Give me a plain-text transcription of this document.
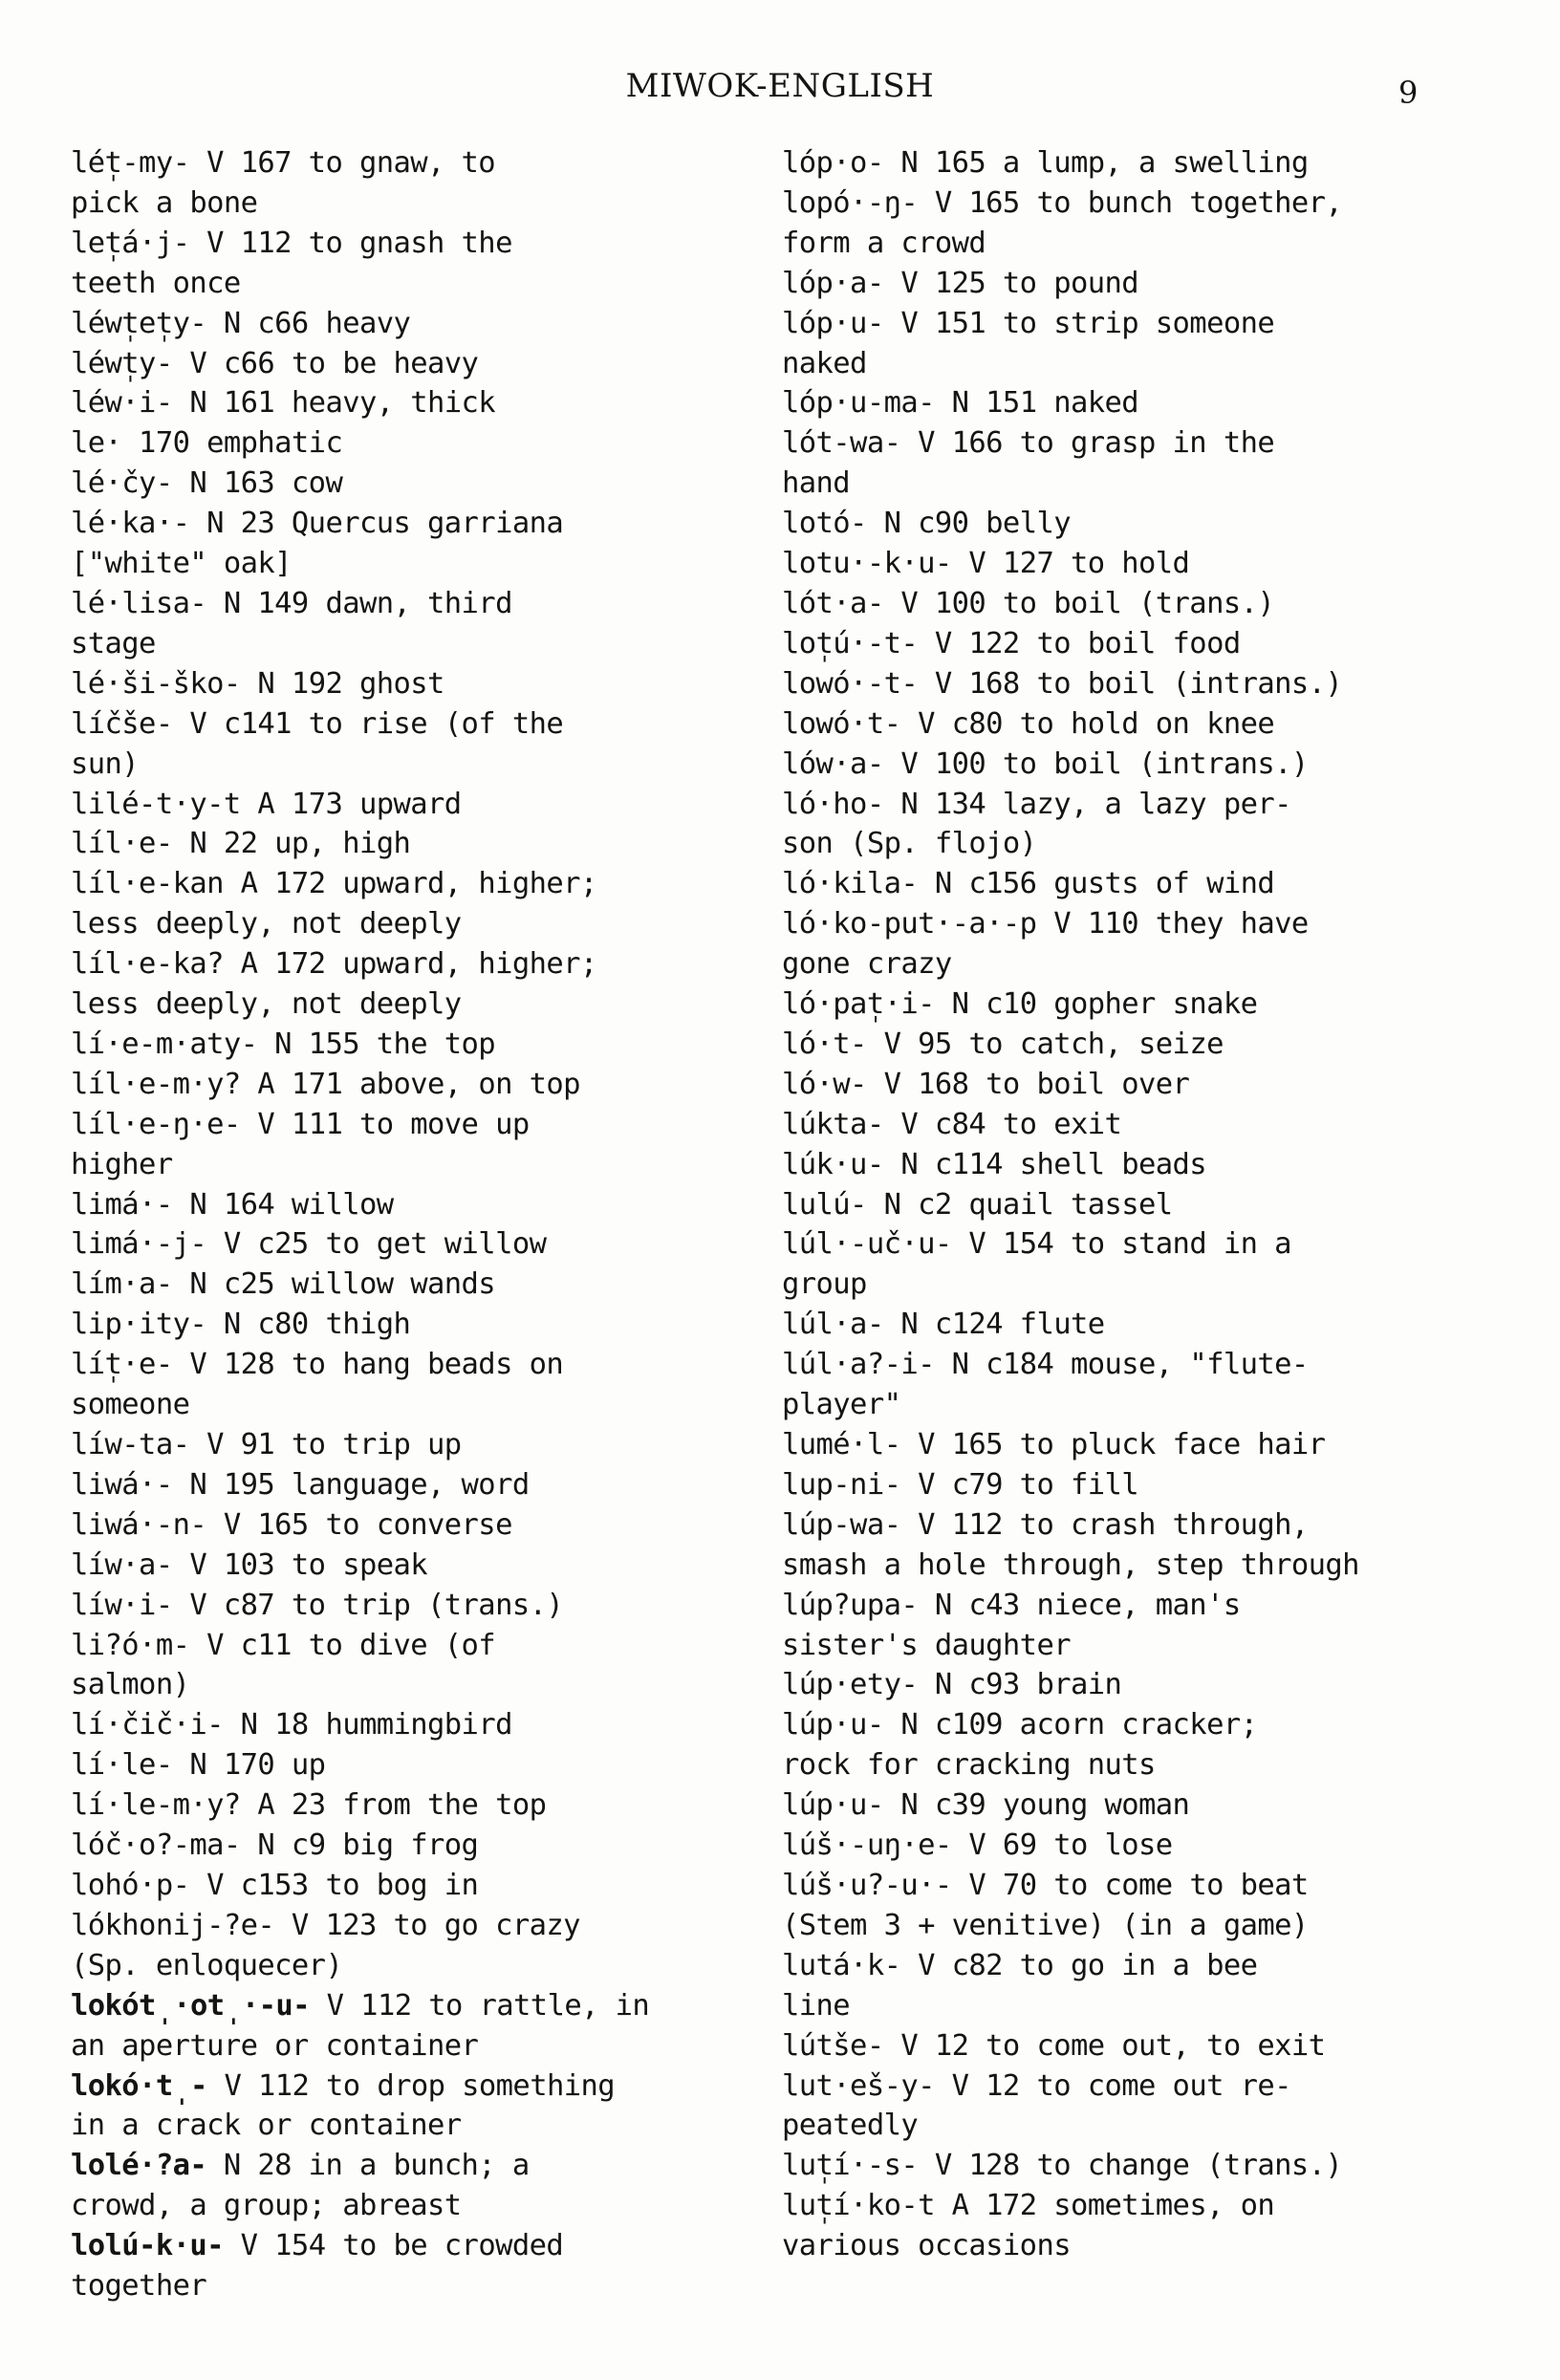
MIWOK-ENGLISH	9
lét̩-my- V 167 to gnaw, to
pick a bone
let̩á·j- V 112 to gnash the
teeth once
léwt̩et̩y- N c66 heavy
léwt̩y- V c66 to be heavy
léw·i- N 161 heavy, thick
le· 170 emphatic
lé·čy- N 163 cow
lé·ka·- N 23 Quercus garriana
["white" oak]
lé·lisa- N 149 dawn, third
stage
lé·ši-ško- N 192 ghost
líčše- V c141 to rise (of the
sun)
lilé-t·y-t A 173 upward
líl·e- N 22 up, high
líl·e-kan A 172 upward, higher;
less deeply, not deeply
líl·e-ka? A 172 upward, higher;
less deeply, not deeply
lí·e-m·aty- N 155 the top
líl·e-m·y? A 171 above, on top
líl·e-ŋ·e- V 111 to move up
higher
limá·- N 164 willow
limá·-j- V c25 to get willow
lím·a- N c25 willow wands
lip·ity- N c80 thigh
lít̩·e- V 128 to hang beads on
someone
líw-ta- V 91 to trip up
liwá·- N 195 language, word
liwá·-n- V 165 to converse
líw·a- V 103 to speak
líw·i- V c87 to trip (trans.)
li?ó·m- V c11 to dive (of
salmon)
lí·čič·i- N 18 hummingbird
lí·le- N 170 up
lí·le-m·y? A 23 from the top
lóč·o?-ma- N c9 big frog
lohó·p- V c153 to bog in
lókhonij-?e- V 123 to go crazy
(Sp. enloquecer)
lokót̩·ot̩·-u- V 112 to rattle, in
an aperture or container
lokó·t̩- V 112 to drop something
in a crack or container
lolé·?a- N 28 in a bunch; a
crowd, a group; abreast
lolú-k·u- V 154 to be crowded
together
lóp·o- N 165 a lump, a swelling
lopó·-ŋ- V 165 to bunch together,
form a crowd
lóp·a- V 125 to pound
lóp·u- V 151 to strip someone
naked
lóp·u-ma- N 151 naked
lót-wa- V 166 to grasp in the
hand
lotó- N c90 belly
lotu·-k·u- V 127 to hold
lót·a- V 100 to boil (trans.)
lot̩ú·-t- V 122 to boil food
lowó·-t- V 168 to boil (intrans.)
lowó·t- V c80 to hold on knee
lów·a- V 100 to boil (intrans.)
ló·ho- N 134 lazy, a lazy per-
son (Sp. flojo)
ló·kila- N c156 gusts of wind
ló·ko-put·-a·-p V 110 they have
gone crazy
ló·pat̩·i- N c10 gopher snake
ló·t- V 95 to catch, seize
ló·w- V 168 to boil over
lúkta- V c84 to exit
lúk·u- N c114 shell beads
lulú- N c2 quail tassel
lúl·-uč·u- V 154 to stand in a
group
lúl·a- N c124 flute
lúl·a?-i- N c184 mouse, "flute-
player"
lumé·l- V 165 to pluck face hair
lup-ni- V c79 to fill
lúp-wa- V 112 to crash through,
smash a hole through, step through
lúp?upa- N c43 niece, man's
sister's daughter
lúp·ety- N c93 brain
lúp·u- N c109 acorn cracker;
rock for cracking nuts
lúp·u- N c39 young woman
lúš·-uŋ·e- V 69 to lose
lúš·u?-u·- V 70 to come to beat
(Stem 3 + venitive) (in a game)
lutá·k- V c82 to go in a bee
line
lútše- V 12 to come out, to exit
lut·eš-y- V 12 to come out re-
peatedly
lut̩í·-s- V 128 to change (trans.)
lut̩í·ko-t A 172 sometimes, on
various occasions
